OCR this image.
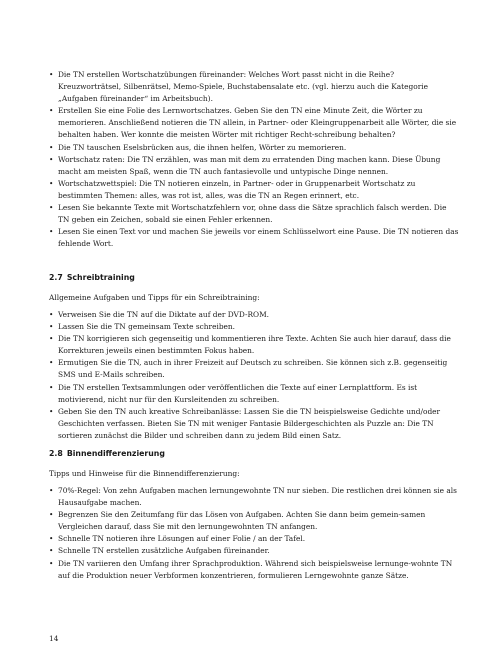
• Die TN erstellen Wortschatzübungen füreinander: Welches Wort passt nicht in die Reihe? Kreuzworträtsel, Silbenrätsel, Memo-Spiele, Buchstabensalate etc. (vgl. hierzu auch die Kategorie „Aufgaben füreinander“ im Arbeitsbuch).
• Erstellen Sie eine Folie des Lernwortschatzes. Geben Sie den TN eine Minute Zeit, die Wörter zu memorieren. Anschließend notieren die TN allein, in Partner- oder Kleingruppenarbeit alle Wörter, die sie behalten haben. Wer konnte die meisten Wörter mit richtiger Recht-schreibung behalten?
• Die TN tauschen Eselsbrücken aus, die ihnen helfen, Wörter zu memorieren.
• Wortschatz raten: Die TN erzählen, was man mit dem zu erratenden Ding machen kann. Diese Übung macht am meisten Spaß, wenn die TN auch fantasievolle und untypische Dinge nennen.
• Wortschatzwettspiel: Die TN notieren einzeln, in Partner- oder in Gruppenarbeit Wortschatz zu bestimmten Themen: alles, was rot ist, alles, was die TN an Regen erinnert, etc.
• Lesen Sie bekannte Texte mit Wortschatzfehlern vor, ohne dass die Sätze sprachlich falsch werden. Die TN geben ein Zeichen, sobald sie einen Fehler erkennen.
• Lesen Sie einen Text vor und machen Sie jeweils vor einem Schlüsselwort eine Pause. Die TN notieren das fehlende Wort.
2.7 Schreibtraining
Allgemeine Aufgaben und Tipps für ein Schreibtraining:
• Verweisen Sie die TN auf die Diktate auf der DVD-ROM.
• Lassen Sie die TN gemeinsam Texte schreiben.
• Die TN korrigieren sich gegenseitig und kommentieren ihre Texte. Achten Sie auch hier darauf, dass die Korrekturen jeweils einen bestimmten Fokus haben.
• Ermutigen Sie die TN, auch in ihrer Freizeit auf Deutsch zu schreiben. Sie können sich z.B. gegenseitig SMS und E-Mails schreiben.
• Die TN erstellen Textsammlungen oder veröffentlichen die Texte auf einer Lernplattform. Es ist motivierend, nicht nur für den Kursleitenden zu schreiben.
• Geben Sie den TN auch kreative Schreibanlässe: Lassen Sie die TN beispielsweise Gedichte und/oder Geschichten verfassen. Bieten Sie TN mit weniger Fantasie Bildergeschichten als Puzzle an: Die TN sortieren zunächst die Bilder und schreiben dann zu jedem Bild einen Satz.
2.8 Binnendifferenzierung
Tipps und Hinweise für die Binnendifferenzierung:
• 70%-Regel: Von zehn Aufgaben machen lernungewohnte TN nur sieben. Die restlichen drei können sie als Hausaufgabe machen.
• Begrenzen Sie den Zeitumfang für das Lösen von Aufgaben. Achten Sie dann beim gemein-samen Vergleichen darauf, dass Sie mit den lernungewohnten TN anfangen.
• Schnelle TN notieren ihre Lösungen auf einer Folie / an der Tafel.
• Schnelle TN erstellen zusätzliche Aufgaben füreinander.
• Die TN variieren den Umfang ihrer Sprachproduktion. Während sich beispielsweise lernunge-wohnte TN auf die Produktion neuer Verbformen konzentrieren, formulieren Lerngewohnte ganze Sätze.
14
